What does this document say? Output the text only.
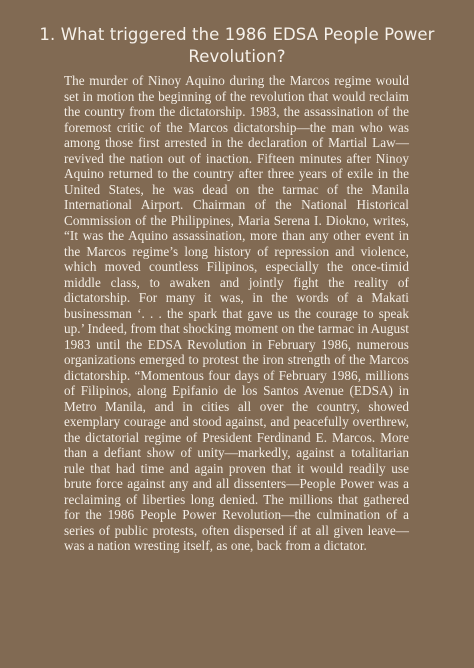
1. What triggered the 1986 EDSA People Power Revolution?

The murder of Ninoy Aquino during the Marcos regime would set in motion the beginning of the revolution that would reclaim the country from the dictatorship. 1983, the assassination of the foremost critic of the Marcos dictatorship—the man who was among those first arrested in the declaration of Martial Law—revived the nation out of inaction. Fifteen minutes after Ninoy Aquino returned to the country after three years of exile in the United States, he was dead on the tarmac of the Manila International Airport. Chairman of the National Historical Commission of the Philippines, Maria Serena I. Diokno, writes, “It was the Aquino assassination, more than any other event in the Marcos regime’s long history of repression and violence, which moved countless Filipinos, especially the once-timid middle class, to awaken and jointly fight the reality of dictatorship. For many it was, in the words of a Makati businessman ‘. . . the spark that gave us the courage to speak up.’ Indeed, from that shocking moment on the tarmac in August 1983 until the EDSA Revolution in February 1986, numerous organizations emerged to protest the iron strength of the Marcos dictatorship. “Momentous four days of February 1986, millions of Filipinos, along Epifanio de los Santos Avenue (EDSA) in Metro Manila, and in cities all over the country, showed exemplary courage and stood against, and peacefully overthrew, the dictatorial regime of President Ferdinand E. Marcos. More than a defiant show of unity—markedly, against a totalitarian rule that had time and again proven that it would readily use brute force against any and all dissenters—People Power was a reclaiming of liberties long denied. The millions that gathered for the 1986 People Power Revolution—the culmination of a series of public protests, often dispersed if at all given leave—was a nation wresting itself, as one, back from a dictator.
